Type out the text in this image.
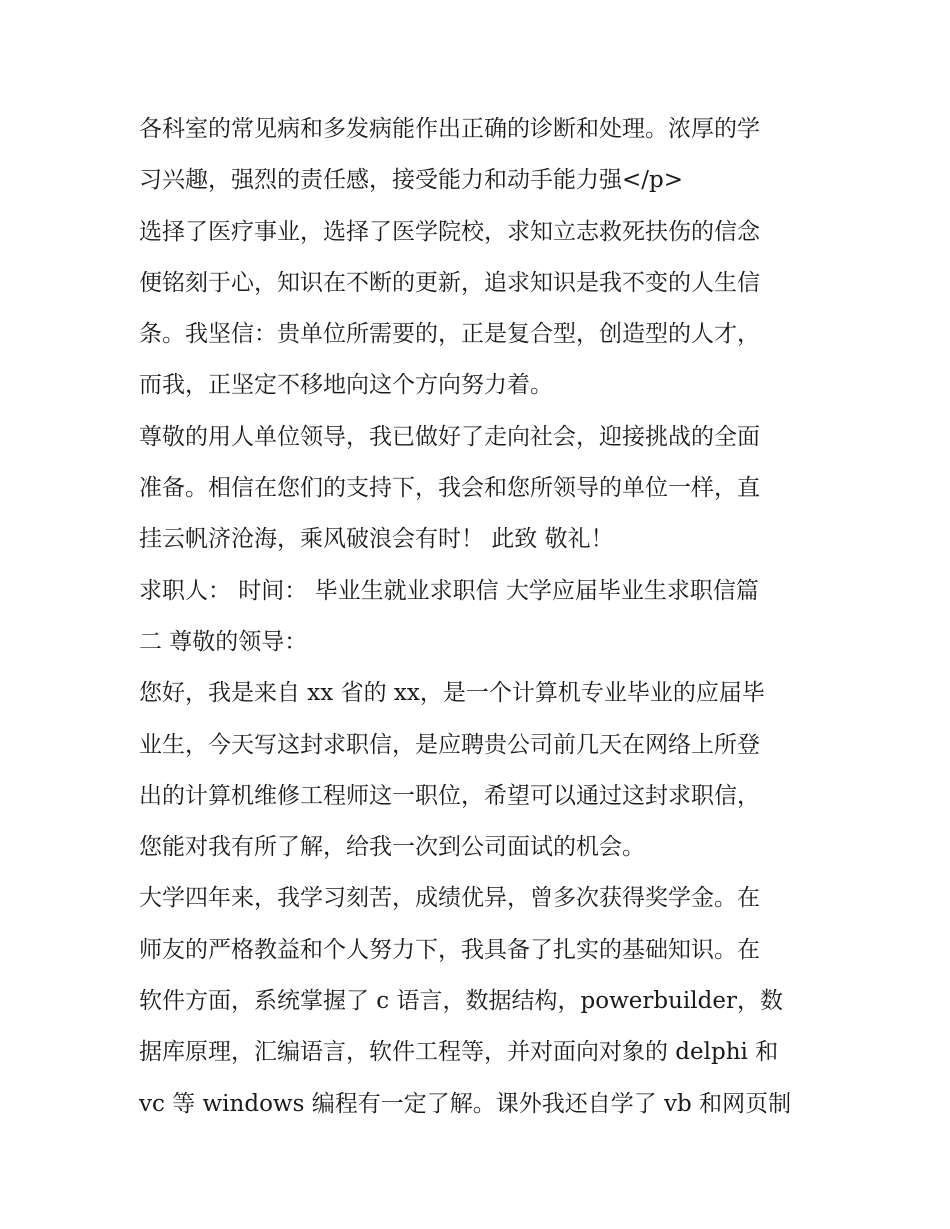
各科室的常见病和多发病能作出正确的诊断和处理。浓厚的学
习兴趣，强烈的责任感，接受能力和动手能力强</p>
选择了医疗事业，选择了医学院校，求知立志救死扶伤的信念
便铭刻于心，知识在不断的更新，追求知识是我不变的人生信
条。我坚信：贵单位所需要的，正是复合型，创造型的人才，
而我，正坚定不移地向这个方向努力着。
尊敬的用人单位领导，我已做好了走向社会，迎接挑战的全面
准备。相信在您们的支持下，我会和您所领导的单位一样，直
挂云帆济沧海，乘风破浪会有时！ 此致 敬礼！
求职人： 时间： 毕业生就业求职信 大学应届毕业生求职信篇
二 尊敬的领导：
您好，我是来自 xx 省的 xx，是一个计算机专业毕业的应届毕
业生，今天写这封求职信，是应聘贵公司前几天在网络上所登
出的计算机维修工程师这一职位，希望可以通过这封求职信，
您能对我有所了解，给我一次到公司面试的机会。
大学四年来，我学习刻苦，成绩优异，曾多次获得奖学金。在
师友的严格教益和个人努力下，我具备了扎实的基础知识。在
软件方面，系统掌握了 c 语言，数据结构，powerbuilder，数
据库原理，汇编语言，软件工程等，并对面向对象的 delphi 和
vc 等 windows 编程有一定了解。课外我还自学了 vb 和网页制
